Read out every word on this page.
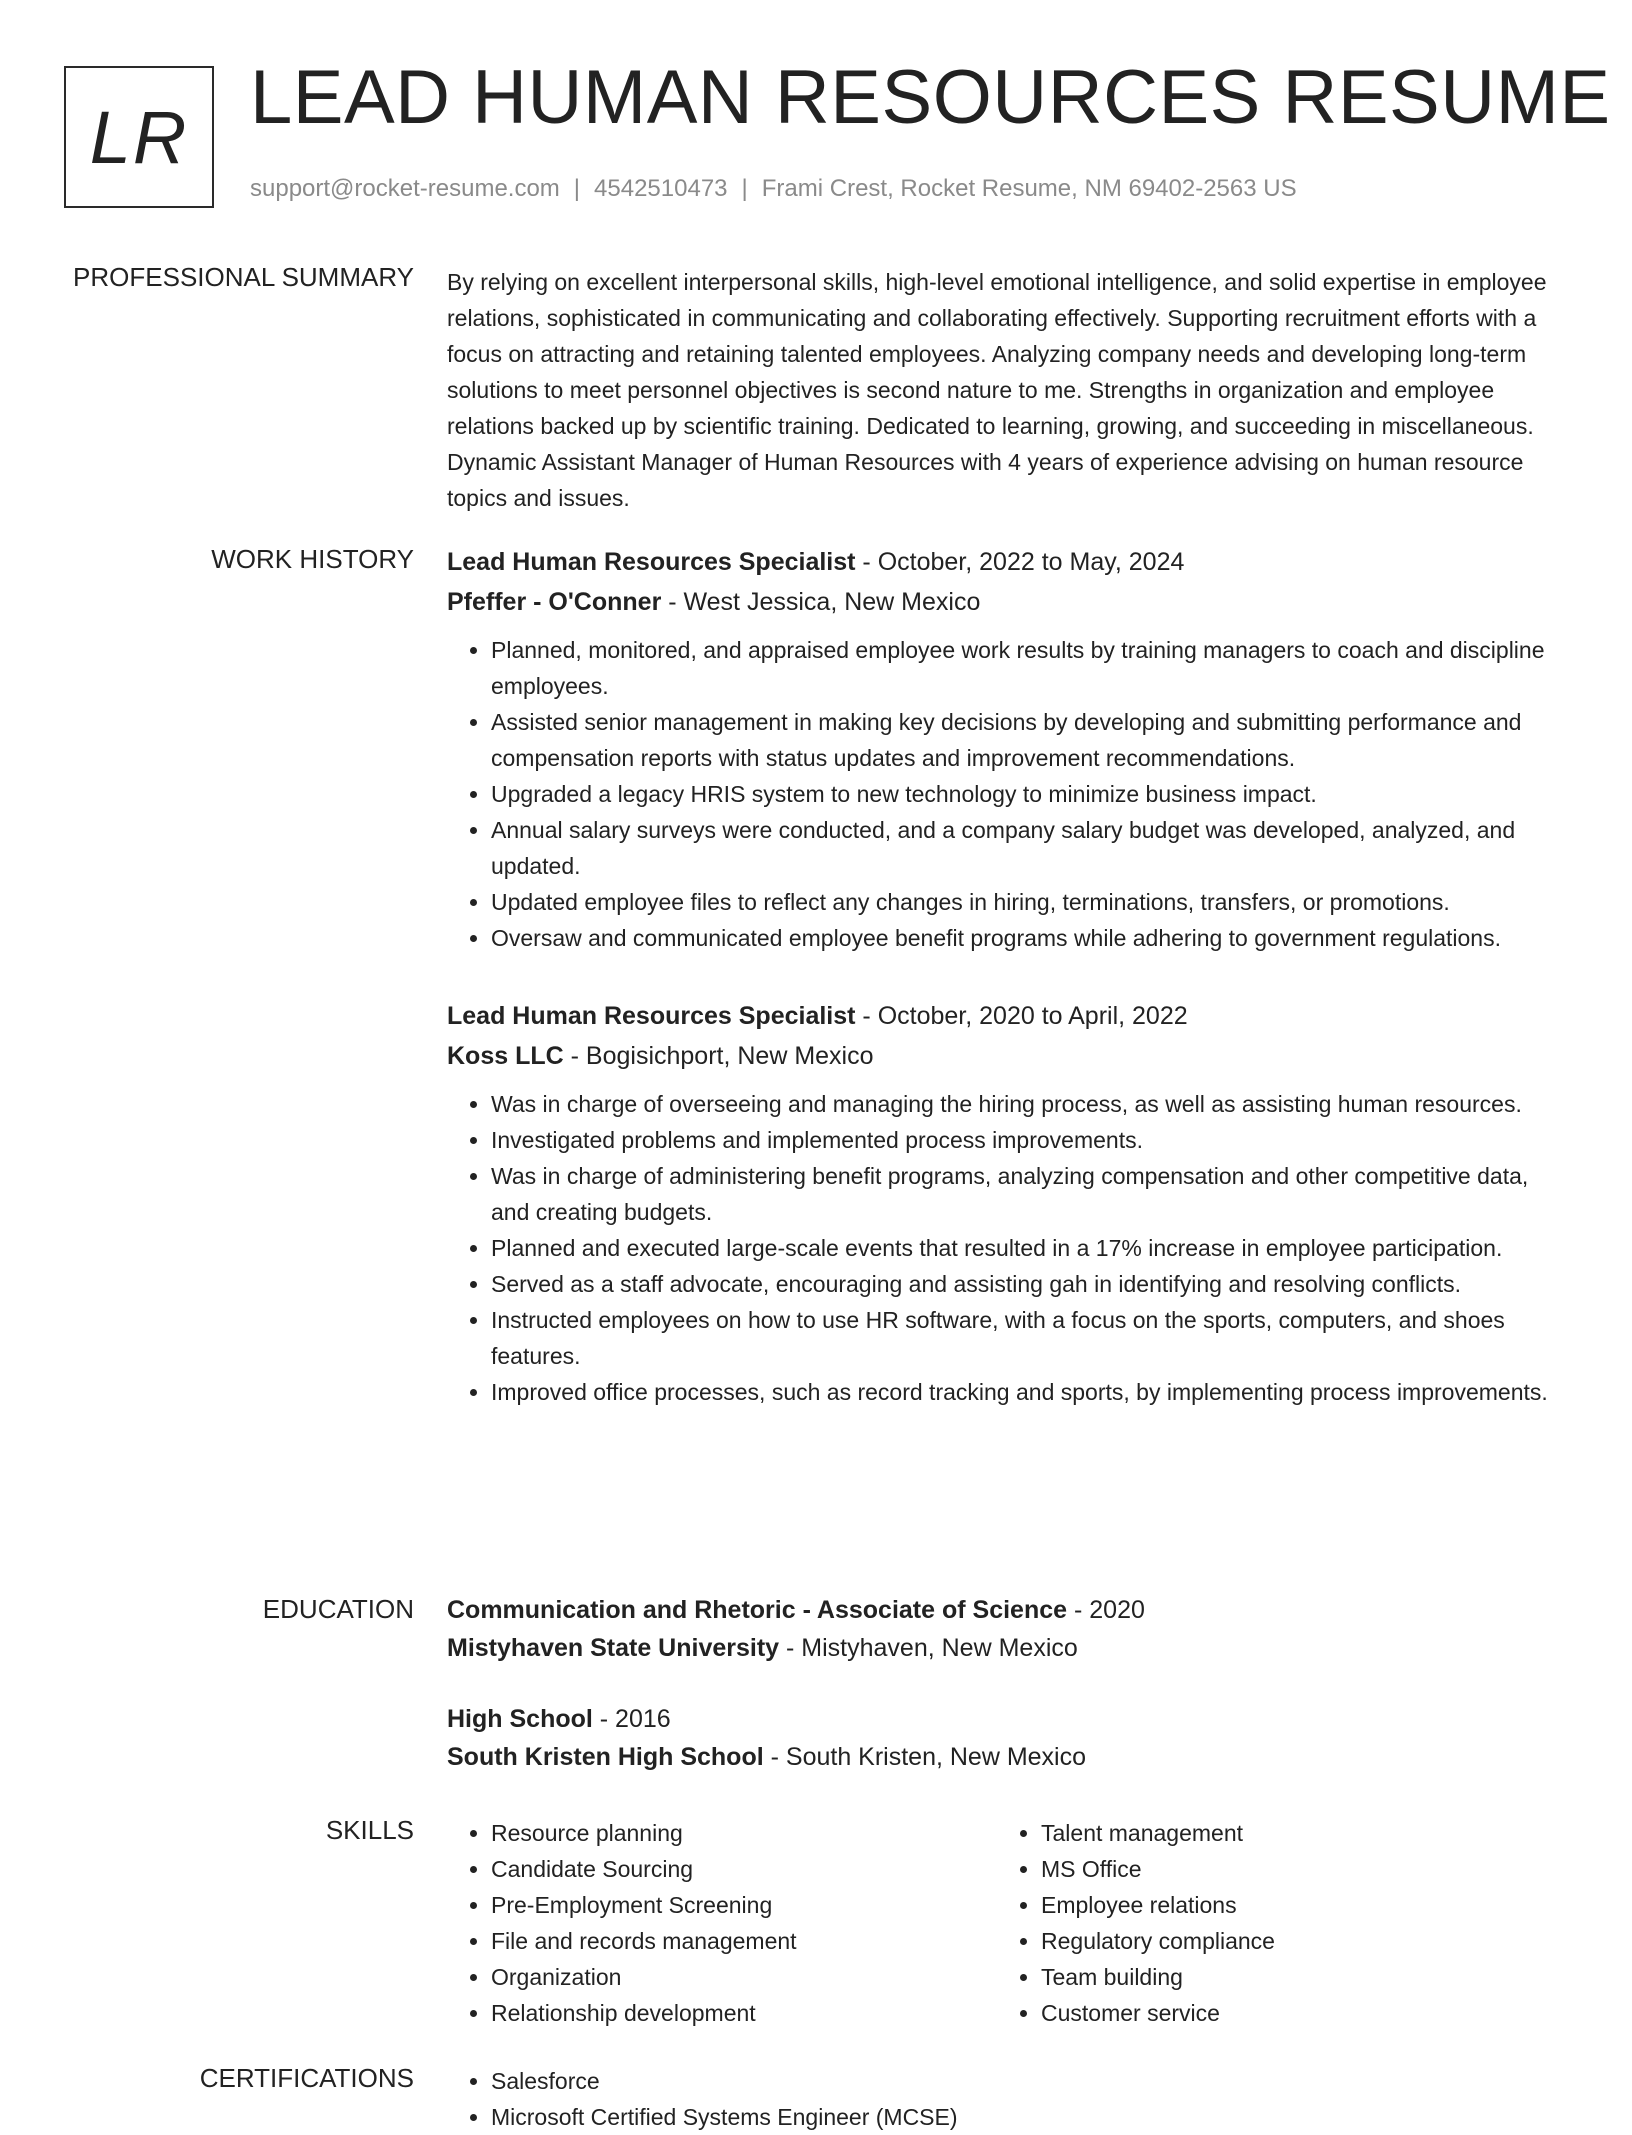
LR LEAD HUMAN RESOURCES RESUME
support@rocket-resume.com | 4542510473 | Frami Crest, Rocket Resume, NM 69402-2563 US
PROFESSIONAL SUMMARY By relying on excellent interpersonal skills, high-level emotional intelligence, and solid expertise in employee relations, sophisticated in communicating and collaborating effectively. Supporting recruitment efforts with a focus on attracting and retaining talented employees. Analyzing company needs and developing long-term solutions to meet personnel objectives is second nature to me. Strengths in organization and employee relations backed up by scientific training. Dedicated to learning, growing, and succeeding in miscellaneous. Dynamic Assistant Manager of Human Resources with 4 years of experience advising on human resource topics and issues.

WORK HISTORY Lead Human Resources Specialist - October, 2022 to May, 2024
Pfeffer - O'Conner - West Jessica, New Mexico
• Planned, monitored, and appraised employee work results by training managers to coach and discipline employees.
• Assisted senior management in making key decisions by developing and submitting performance and compensation reports with status updates and improvement recommendations.
• Upgraded a legacy HRIS system to new technology to minimize business impact.
• Annual salary surveys were conducted, and a company salary budget was developed, analyzed, and updated.
• Updated employee files to reflect any changes in hiring, terminations, transfers, or promotions.
• Oversaw and communicated employee benefit programs while adhering to government regulations.
Lead Human Resources Specialist - October, 2020 to April, 2022
Koss LLC - Bogisichport, New Mexico
• Was in charge of overseeing and managing the hiring process, as well as assisting human resources.
• Investigated problems and implemented process improvements.
• Was in charge of administering benefit programs, analyzing compensation and other competitive data, and creating budgets.
• Planned and executed large-scale events that resulted in a 17% increase in employee participation.
• Served as a staff advocate, encouraging and assisting gah in identifying and resolving conflicts.
• Instructed employees on how to use HR software, with a focus on the sports, computers, and shoes features.
• Improved office processes, such as record tracking and sports, by implementing process improvements.
EDUCATION Communication and Rhetoric - Associate of Science - 2020
Mistyhaven State University - Mistyhaven, New Mexico
High School - 2016
South Kristen High School - South Kristen, New Mexico
SKILLS	• Resource planning
• Candidate Sourcing
• Pre-Employment Screening
• File and records management
• Organization
• Relationship development
• Talent management
• MS Office
• Employee relations
• Regulatory compliance
• Team building
• Customer service
CERTIFICATIONS	• Salesforce
• Microsoft Certified Systems Engineer (MCSE)
